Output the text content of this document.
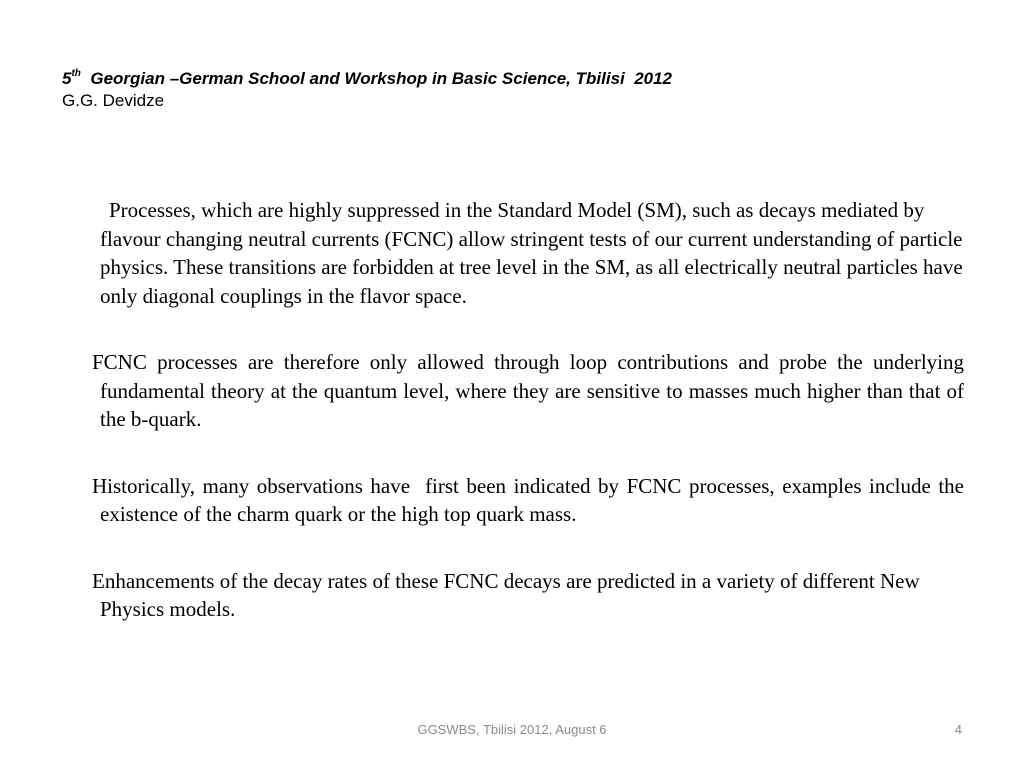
5th  Georgian –German School and Workshop in Basic Science, Tbilisi  2012
G.G. Devidze

Processes, which are highly suppressed in the Standard Model (SM), such as decays mediated by flavour changing neutral currents (FCNC) allow stringent tests of our current understanding of particle physics. These transitions are forbidden at tree level in the SM, as all electrically neutral particles have only diagonal couplings in the flavor space.

FCNC processes are therefore only allowed through loop contributions and probe the underlying fundamental theory at the quantum level, where they are sensitive to masses much higher than that of the b-quark.

Historically, many observations have  first been indicated by FCNC processes, examples include the existence of the charm quark or the high top quark mass.

Enhancements of the decay rates of these FCNC decays are predicted in a variety of different New Physics models.

GGSWBS, Tbilisi 2012, August 6	4
